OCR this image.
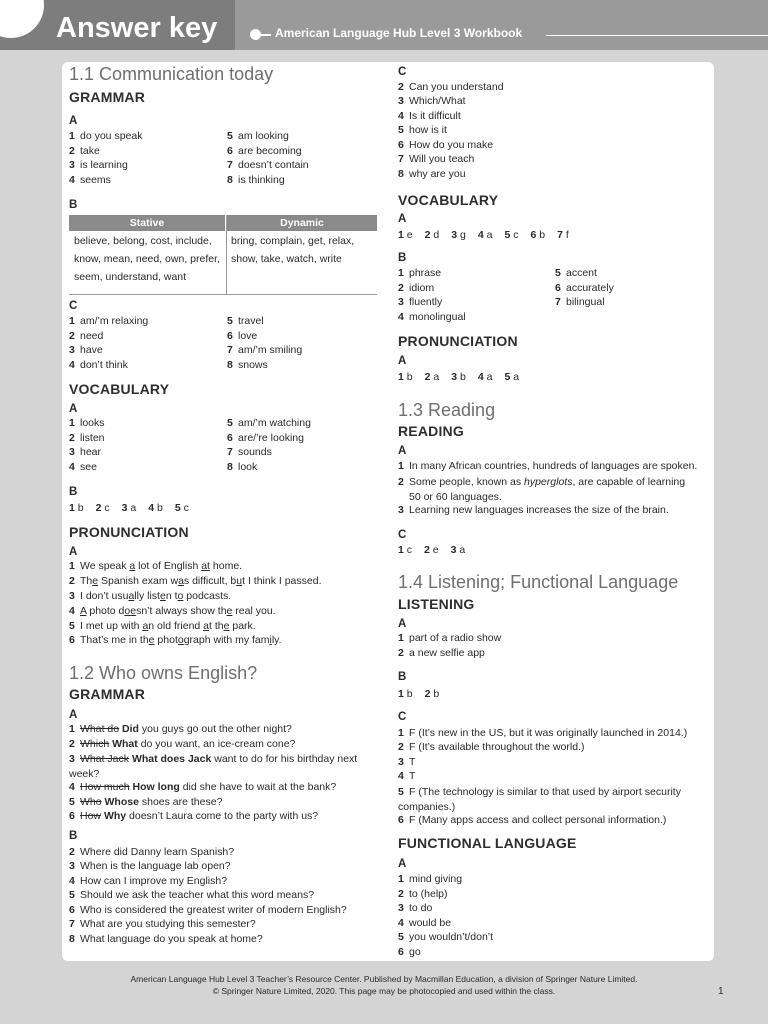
Answer key	American Language Hub Level 3 Workbook
1.1 Communication today
GRAMMAR
A
1 do you speak
2 take
3 is learning
4 seems
5 am looking
6 are becoming
7 doesn’t contain
8 is thinking
B
Stative	Dynamic
believe, belong, cost, include, know, mean, need, own, prefer, seem, understand, want
bring, complain, get, relax, show, take, watch, write
C
1 am/’m relaxing
2 need
3 have
4 don’t think
5 travel
6 love
7 am/’m smiling
8 snows
VOCABULARY
A
1 looks
2 listen
3 hear
4 see
5 am/’m watching
6 are/’re looking
7 sounds
8 look
B
1 b 2 c 3 a 4 b 5 c
PRONUNCIATION
A
1 We speak a lot of English at home.
2 The Spanish exam was difficult, but I think I passed.
3 I don’t usually listen to podcasts.
4 A photo doesn’t always show the real you.
5 I met up with an old friend at the park.
6 That’s me in the photograph with my family.
1.2 Who owns English?
GRAMMAR
A
1 What do Did you guys go out the other night?
2 Which What do you want, an ice-cream cone?
3 What Jack What does Jack want to do for his birthday next week?
4 How much How long did she have to wait at the bank?
5 Who Whose shoes are these?
6 How Why doesn’t Laura come to the party with us?
B
2 Where did Danny learn Spanish?
3 When is the language lab open?
4 How can I improve my English?
5 Should we ask the teacher what this word means?
6 Who is considered the greatest writer of modern English?
7 What are you studying this semester?
8 What language do you speak at home?
C
2 Can you understand
3 Which/What
4 Is it difficult
5 how is it
6 How do you make
7 Will you teach
8 why are you
VOCABULARY
A
1 e 2 d 3 g 4 a 5 c 6 b 7 f
B
1 phrase
2 idiom
3 fluently
4 monolingual
5 accent
6 accurately
7 bilingual
PRONUNCIATION
A
1 b 2 a 3 b 4 a 5 a
1.3 Reading
READING
A
1 In many African countries, hundreds of languages are spoken.
2 Some people, known as hyperglots, are capable of learning
50 or 60 languages.
3 Learning new languages increases the size of the brain.
C
1 c 2 e 3 a
1.4 Listening; Functional Language
LISTENING
A
1 part of a radio show
2 a new selfie app
B
1 b 2 b
C
1 F (It’s new in the US, but it was originally launched in 2014.)
2 F (It’s available throughout the world.)
3 T
4 T
5 F (The technology is similar to that used by airport security companies.)
6 F (Many apps access and collect personal information.)
FUNCTIONAL LANGUAGE
A
1 mind giving
2 to (help)
3 to do
4 would be
5 you wouldn’t/don’t
6 go
American Language Hub Level 3 Teacher’s Resource Center. Published by Macmillan Education, a division of Springer Nature Limited.
© Springer Nature Limited, 2020. This page may be photocopied and used within the class.	1
